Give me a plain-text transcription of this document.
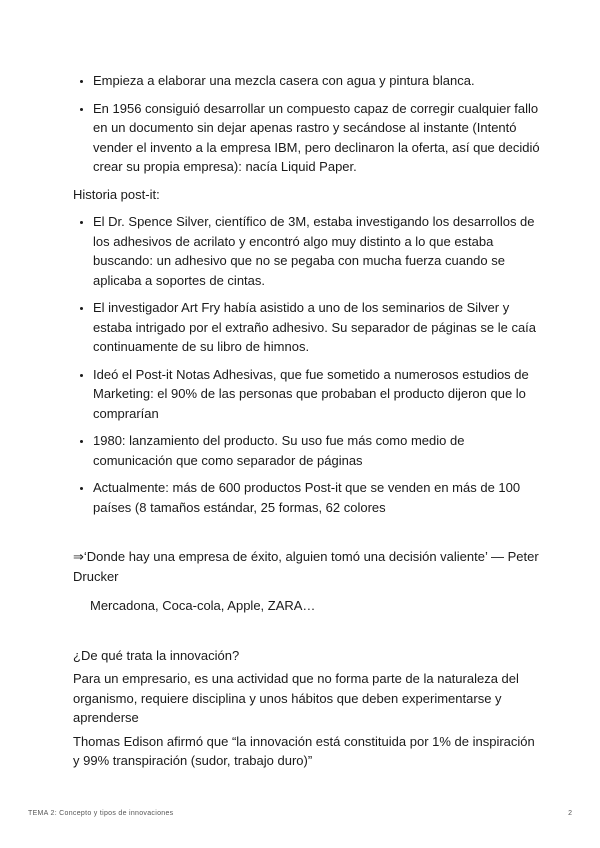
• Empieza a elaborar una mezcla casera con agua y pintura blanca.
• En 1956 consiguió desarrollar un compuesto capaz de corregir cualquier fallo en un documento sin dejar apenas rastro y secándose al instante (Intentó vender el invento a la empresa IBM, pero declinaron la oferta, así que decidió crear su propia empresa): nacía Liquid Paper.
Historia post-it:
• El Dr. Spence Silver, científico de 3M, estaba investigando los desarrollos de los adhesivos de acrilato y encontró algo muy distinto a lo que estaba buscando: un adhesivo que no se pegaba con mucha fuerza cuando se aplicaba a soportes de cintas.
• El investigador Art Fry había asistido a uno de los seminarios de Silver y estaba intrigado por el extraño adhesivo. Su separador de páginas se le caía continuamente de su libro de himnos.
• Ideó el Post-it Notas Adhesivas, que fue sometido a numerosos estudios de Marketing: el 90% de las personas que probaban el producto dijeron que lo comprarían
• 1980: lanzamiento del producto. Su uso fue más como medio de comunicación que como separador de páginas
• Actualmente: más de 600 productos Post-it que se venden en más de 100 países (8 tamaños estándar, 25 formas, 62 colores
⇒‘Donde hay una empresa de éxito, alguien tomó una decisión valiente’ — Peter Drucker
Mercadona, Coca-cola, Apple, ZARA…
¿De qué trata la innovación?
Para un empresario, es una actividad que no forma parte de la naturaleza del organismo, requiere disciplina y unos hábitos que deben experimentarse y aprenderse
Thomas Edison afirmó que “la innovación está constituida por 1% de inspiración y 99% transpiración (sudor, trabajo duro)”
TEMA 2: Concepto y tipos de innovaciones	2
